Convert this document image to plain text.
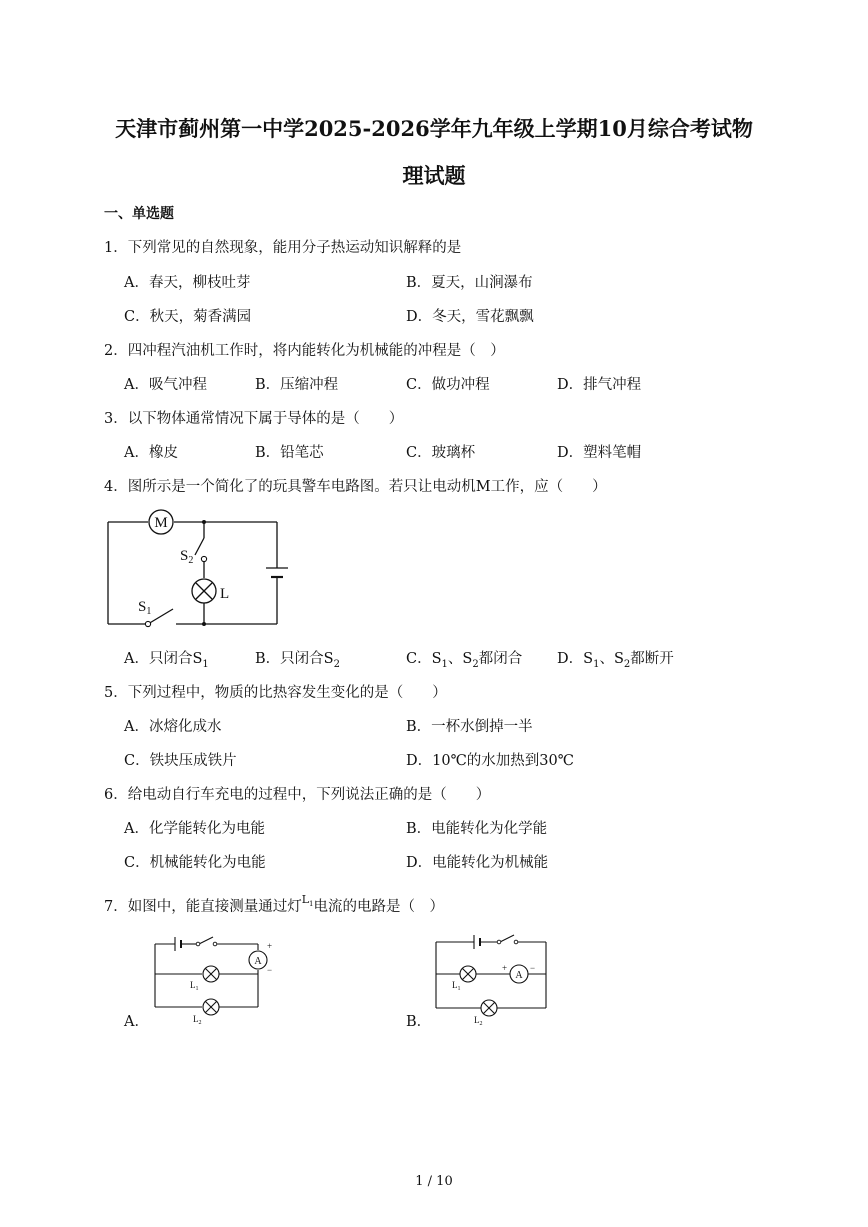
天津市蓟州第一中学2025-2026学年九年级上学期10月综合考试物
理试题
一、单选题
1．下列常见的自然现象，能用分子热运动知识解释的是
A．春天，柳枝吐芽	B．夏天，山涧瀑布
C．秋天，菊香满园	D．冬天，雪花飘飘
2．四冲程汽油机工作时，将内能转化为机械能的冲程是（　）
A．吸气冲程	B．压缩冲程	C．做功冲程	D．排气冲程
3．以下物体通常情况下属于导体的是（　　）
A．橡皮	B．铅笔芯	C．玻璃杯	D．塑料笔帽
4．图所示是一个简化了的玩具警车电路图。若只让电动机M工作，应（　　）
M
$S_2$
L
$S_1$
A．只闭合$S_1$	B．只闭合$S_2$	C．$S_1$、$S_2$都闭合 D．$S_1$、$S_2$都断开
5．下列过程中，物质的比热容发生变化的是（　　）
A．冰熔化成水	B．一杯水倒掉一半
C．铁块压成铁片	D．10℃的水加热到30℃
6．给电动自行车充电的过程中，下列说法正确的是（　　）
A．化学能转化为电能	B．电能转化为化学能
C．机械能转化为电能	D．电能转化为机械能
7．如图中，能直接测量通过灯$^{L_1}$电流的电路是（　）
A
+
−
$L_1$
$L_2$
A．
A
+	−
$L_1$
$L_2$
B．
1 / 10
